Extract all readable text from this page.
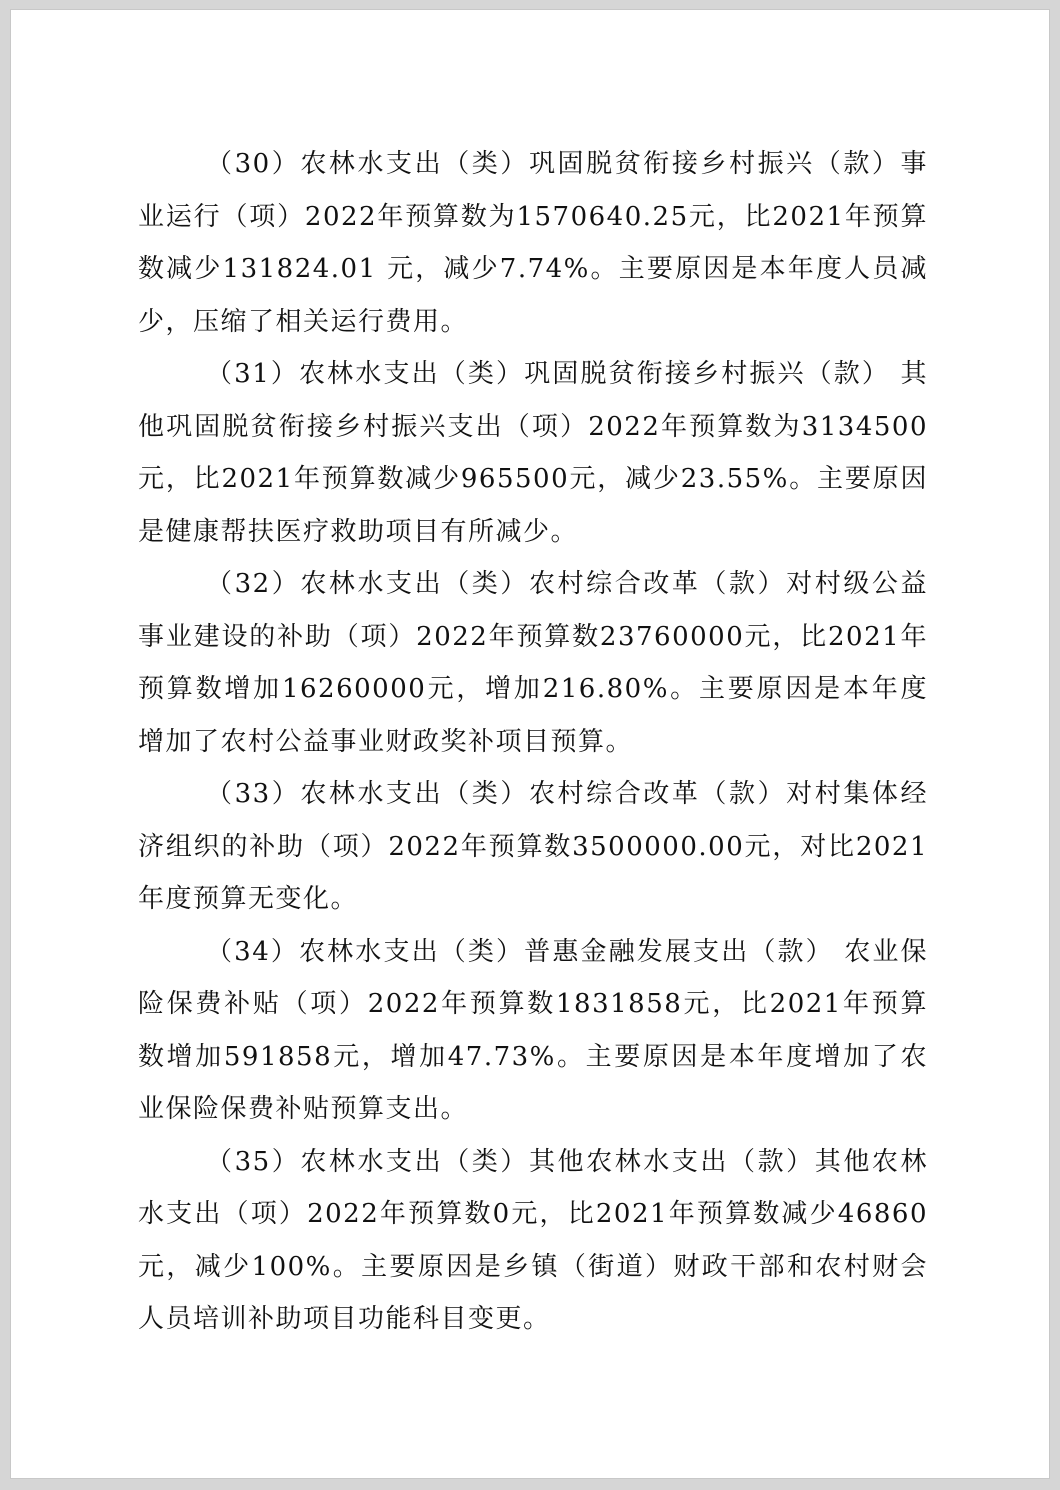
（30）农林水支出（类）巩固脱贫衔接乡村振兴（款）事业运行（项）2022年预算数为1570640.25元，比2021年预算数减少131824.01 元，减少7.74%。主要原因是本年度人员减少，压缩了相关运行费用。

（31）农林水支出（类）巩固脱贫衔接乡村振兴（款） 其他巩固脱贫衔接乡村振兴支出（项）2022年预算数为3134500元，比2021年预算数减少965500元，减少23.55%。主要原因是健康帮扶医疗救助项目有所减少。

（32）农林水支出（类）农村综合改革（款）对村级公益事业建设的补助（项）2022年预算数23760000元，比2021年预算数增加16260000元，增加216.80%。主要原因是本年度增加了农村公益事业财政奖补项目预算。

（33）农林水支出（类）农村综合改革（款）对村集体经济组织的补助（项）2022年预算数3500000.00元，对比2021年度预算无变化。

（34）农林水支出（类）普惠金融发展支出（款） 农业保险保费补贴（项）2022年预算数1831858元，比2021年预算数增加591858元，增加47.73%。主要原因是本年度增加了农业保险保费补贴预算支出。

（35）农林水支出（类）其他农林水支出（款）其他农林水支出（项）2022年预算数0元，比2021年预算数减少46860元，减少100%。主要原因是乡镇（街道）财政干部和农村财会人员培训补助项目功能科目变更。
